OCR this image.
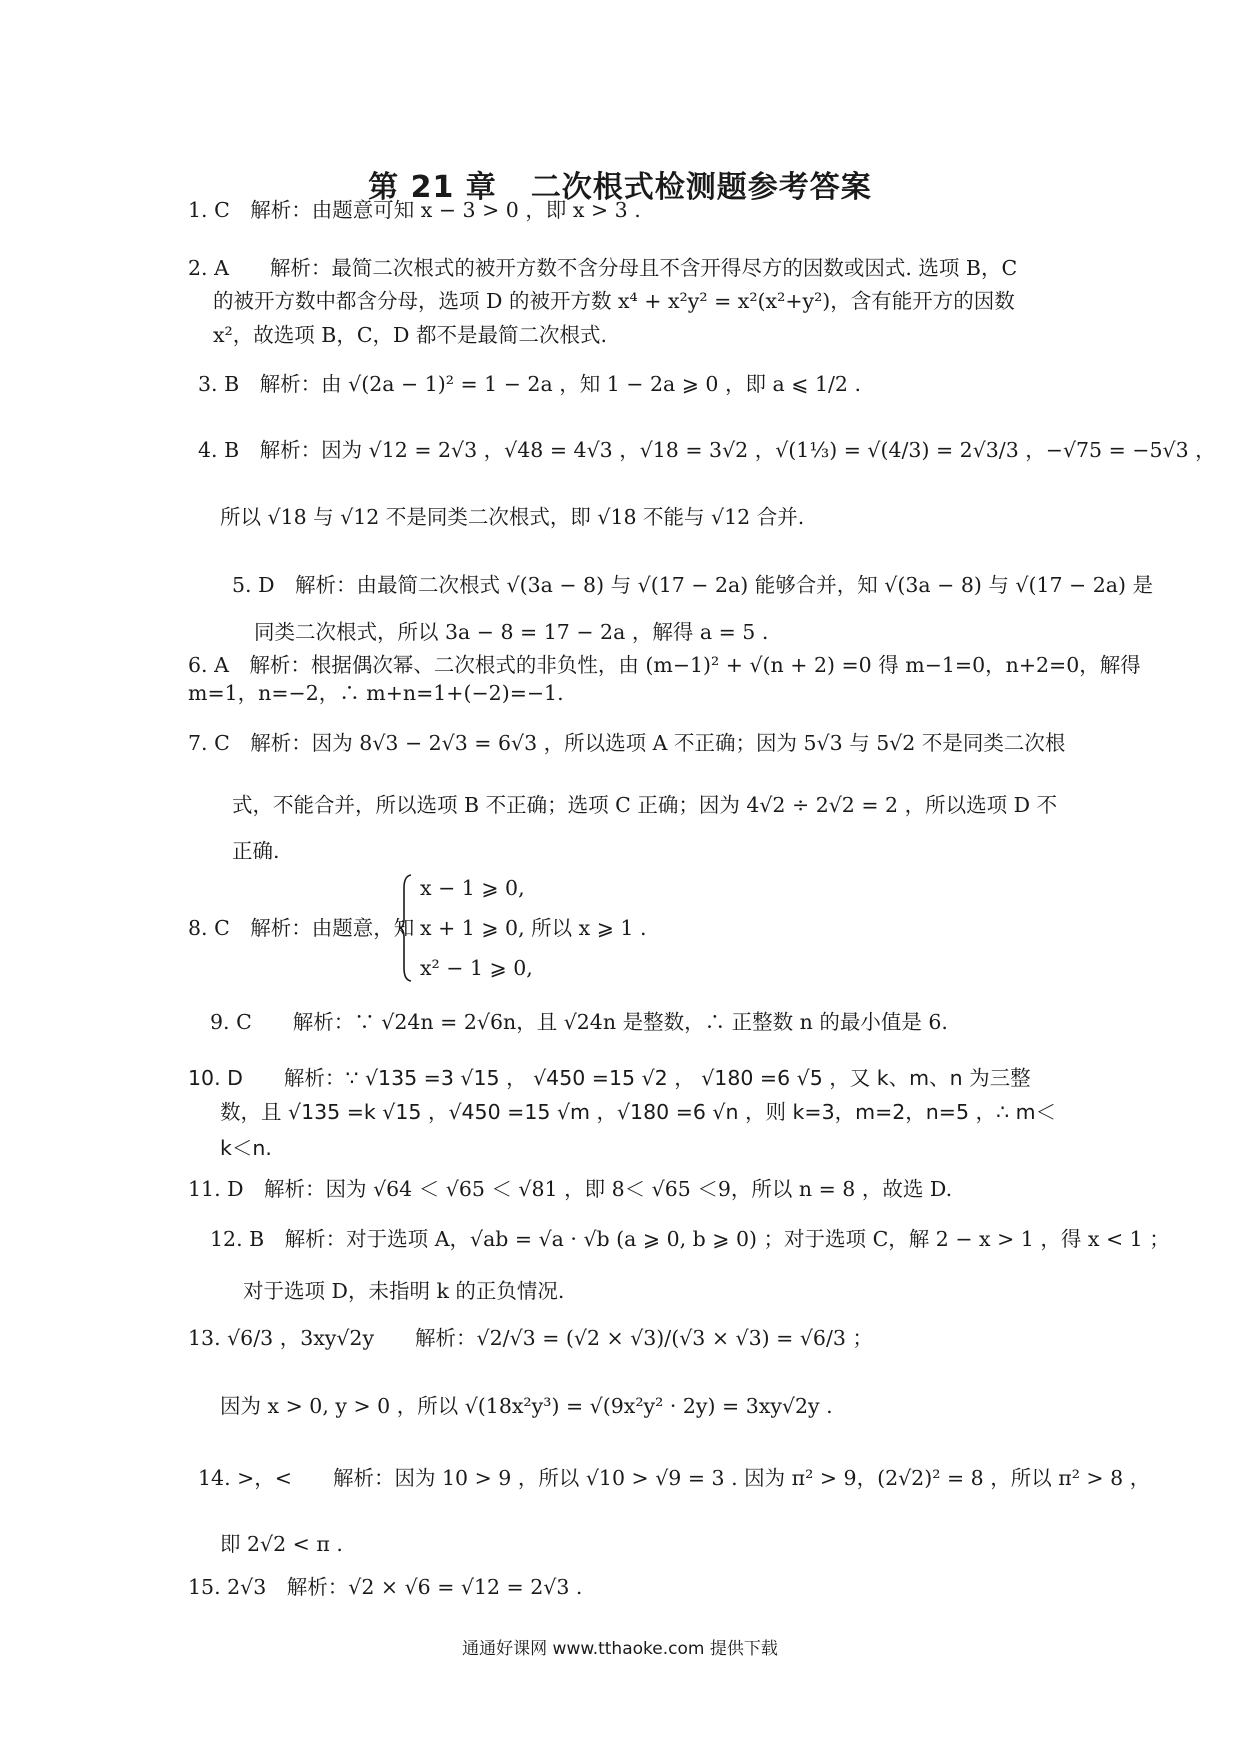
第 21 章 二次根式检测题参考答案
1. C　解析：由题意可知 x − 3 > 0 ，即 x > 3 .
2. A　　解析：最简二次根式的被开方数不含分母且不含开得尽方的因数或因式. 选项 B，C
的被开方数中都含分母，选项 D 的被开方数 x⁴ + x²y² = x²(x²+y²)，含有能开方的因数
x²，故选项 B，C，D 都不是最简二次根式.
3. B　解析：由 √(2a − 1)² = 1 − 2a ，知 1 − 2a ⩾ 0 ，即 a ⩽ 1/2 .
4. B　解析：因为 √12 = 2√3 ，√48 = 4√3 ，√18 = 3√2 ，√(1⅓) = √(4/3) = 2√3/3 ，−√75 = −5√3 ，
所以 √18 与 √12 不是同类二次根式，即 √18 不能与 √12 合并.
5. D　解析：由最简二次根式 √(3a − 8) 与 √(17 − 2a) 能够合并，知 √(3a − 8) 与 √(17 − 2a) 是
同类二次根式，所以 3a − 8 = 17 − 2a ，解得 a = 5 .
6. A　解析：根据偶次幂、二次根式的非负性，由 (m−1)² + √(n + 2) =0 得 m−1=0，n+2=0，解得
m=1，n=−2，∴ m+n=1+(−2)=−1.
7. C　解析：因为 8√3 − 2√3 = 6√3 ，所以选项 A 不正确；因为 5√3 与 5√2 不是同类二次根
式，不能合并，所以选项 B 不正确；选项 C 正确；因为 4√2 ÷ 2√2 = 2 ，所以选项 D 不
正确.
8. C　解析：由题意，知
x − 1 ⩾ 0,
x + 1 ⩾ 0, 所以 x ⩾ 1 .
x² − 1 ⩾ 0,
9. C　　解析：∵ √24n = 2√6n，且 √24n 是整数，∴ 正整数 n 的最小值是 6.
10. D　　解析：∵ √135 =3 √15 ， √450 =15 √2 ， √180 =6 √5 ，又 k、m、n 为三整
数，且 √135 =k √15 ，√450 =15 √m ，√180 =6 √n ，则 k=3，m=2，n=5 ，∴ m＜
k＜n.
11. D　解析：因为 √64 ＜ √65 ＜ √81 ，即 8＜ √65 ＜9，所以 n = 8 ，故选 D.
12. B　解析：对于选项 A，√ab = √a · √b (a ⩾ 0, b ⩾ 0) ；对于选项 C，解 2 − x > 1 ，得 x < 1 ；
对于选项 D，未指明 k 的正负情况.
13. √6/3 ，3xy√2y　　解析：√2/√3 = (√2 × √3)/(√3 × √3) = √6/3 ；
因为 x > 0, y > 0 ，所以 √(18x²y³) = √(9x²y² · 2y) = 3xy√2y .
14. >，<　　解析：因为 10 > 9 ，所以 √10 > √9 = 3 . 因为 π² > 9，(2√2)² = 8 ，所以 π² > 8 ，
即 2√2 < π .
15. 2√3　解析：√2 × √6 = √12 = 2√3 .
通通好课网 www.tthaoke.com 提供下载
